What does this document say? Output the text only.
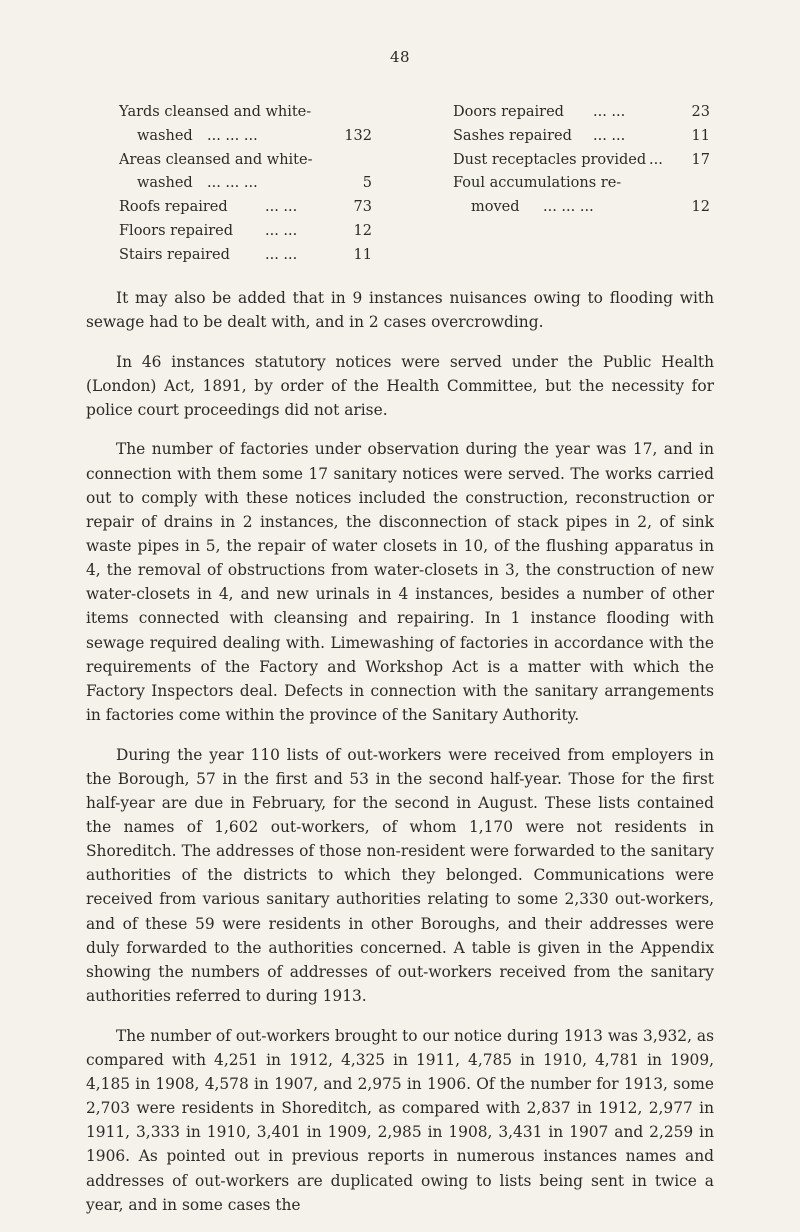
48
Yards cleansed and white-
washed ... ... ...	132
Areas cleansed and white-
washed ... ... ...	5
Roofs repaired	... ...	73
Floors repaired ... ...	12
Stairs repaired ... ...	11
Doors repaired ... ...	23
Sashes repaired ... ...	11
Dust receptacles provided ... 17
Foul accumulations re-
moved ... ... ...	12

It may also be added that in 9 instances nuisances owing to flooding with sewage had to be dealt with, and in 2 cases overcrowding.

In 46 instances statutory notices were served under the Public Health (London) Act, 1891, by order of the Health Committee, but the necessity for police court proceedings did not arise.

The number of factories under observation during the year was 17, and in connection with them some 17 sanitary notices were served. The works carried out to comply with these notices included the construction, reconstruction or repair of drains in 2 instances, the disconnection of stack pipes in 2, of sink waste pipes in 5, the repair of water closets in 10, of the flushing apparatus in 4, the removal of obstructions from water-closets in 3, the construction of new water-closets in 4, and new urinals in 4 instances, besides a number of other items connected with cleansing and repairing. In 1 instance flooding with sewage required dealing with. Limewashing of factories in accordance with the requirements of the Factory and Workshop Act is a matter with which the Factory Inspectors deal. Defects in connection with the sanitary arrangements in factories come within the province of the Sanitary Authority.

During the year 110 lists of out-workers were received from employers in the Borough, 57 in the first and 53 in the second half-year. Those for the first half-year are due in February, for the second in August. These lists contained the names of 1,602 out-workers, of whom 1,170 were not residents in Shoreditch. The addresses of those non-resident were forwarded to the sanitary authorities of the districts to which they belonged. Communications were received from various sanitary authorities relating to some 2,330 out-workers, and of these 59 were residents in other Boroughs, and their addresses were duly forwarded to the authorities concerned. A table is given in the Appendix showing the numbers of addresses of out-workers received from the sanitary authorities referred to during 1913.

The number of out-workers brought to our notice during 1913 was 3,932, as compared with 4,251 in 1912, 4,325 in 1911, 4,785 in 1910, 4,781 in 1909, 4,185 in 1908, 4,578 in 1907, and 2,975 in 1906. Of the number for 1913, some 2,703 were residents in Shoreditch, as compared with 2,837 in 1912, 2,977 in 1911, 3,333 in 1910, 3,401 in 1909, 2,985 in 1908, 3,431 in 1907 and 2,259 in 1906. As pointed out in previous reports in numerous instances names and addresses of out-workers are duplicated owing to lists being sent in twice a year, and in some cases the
